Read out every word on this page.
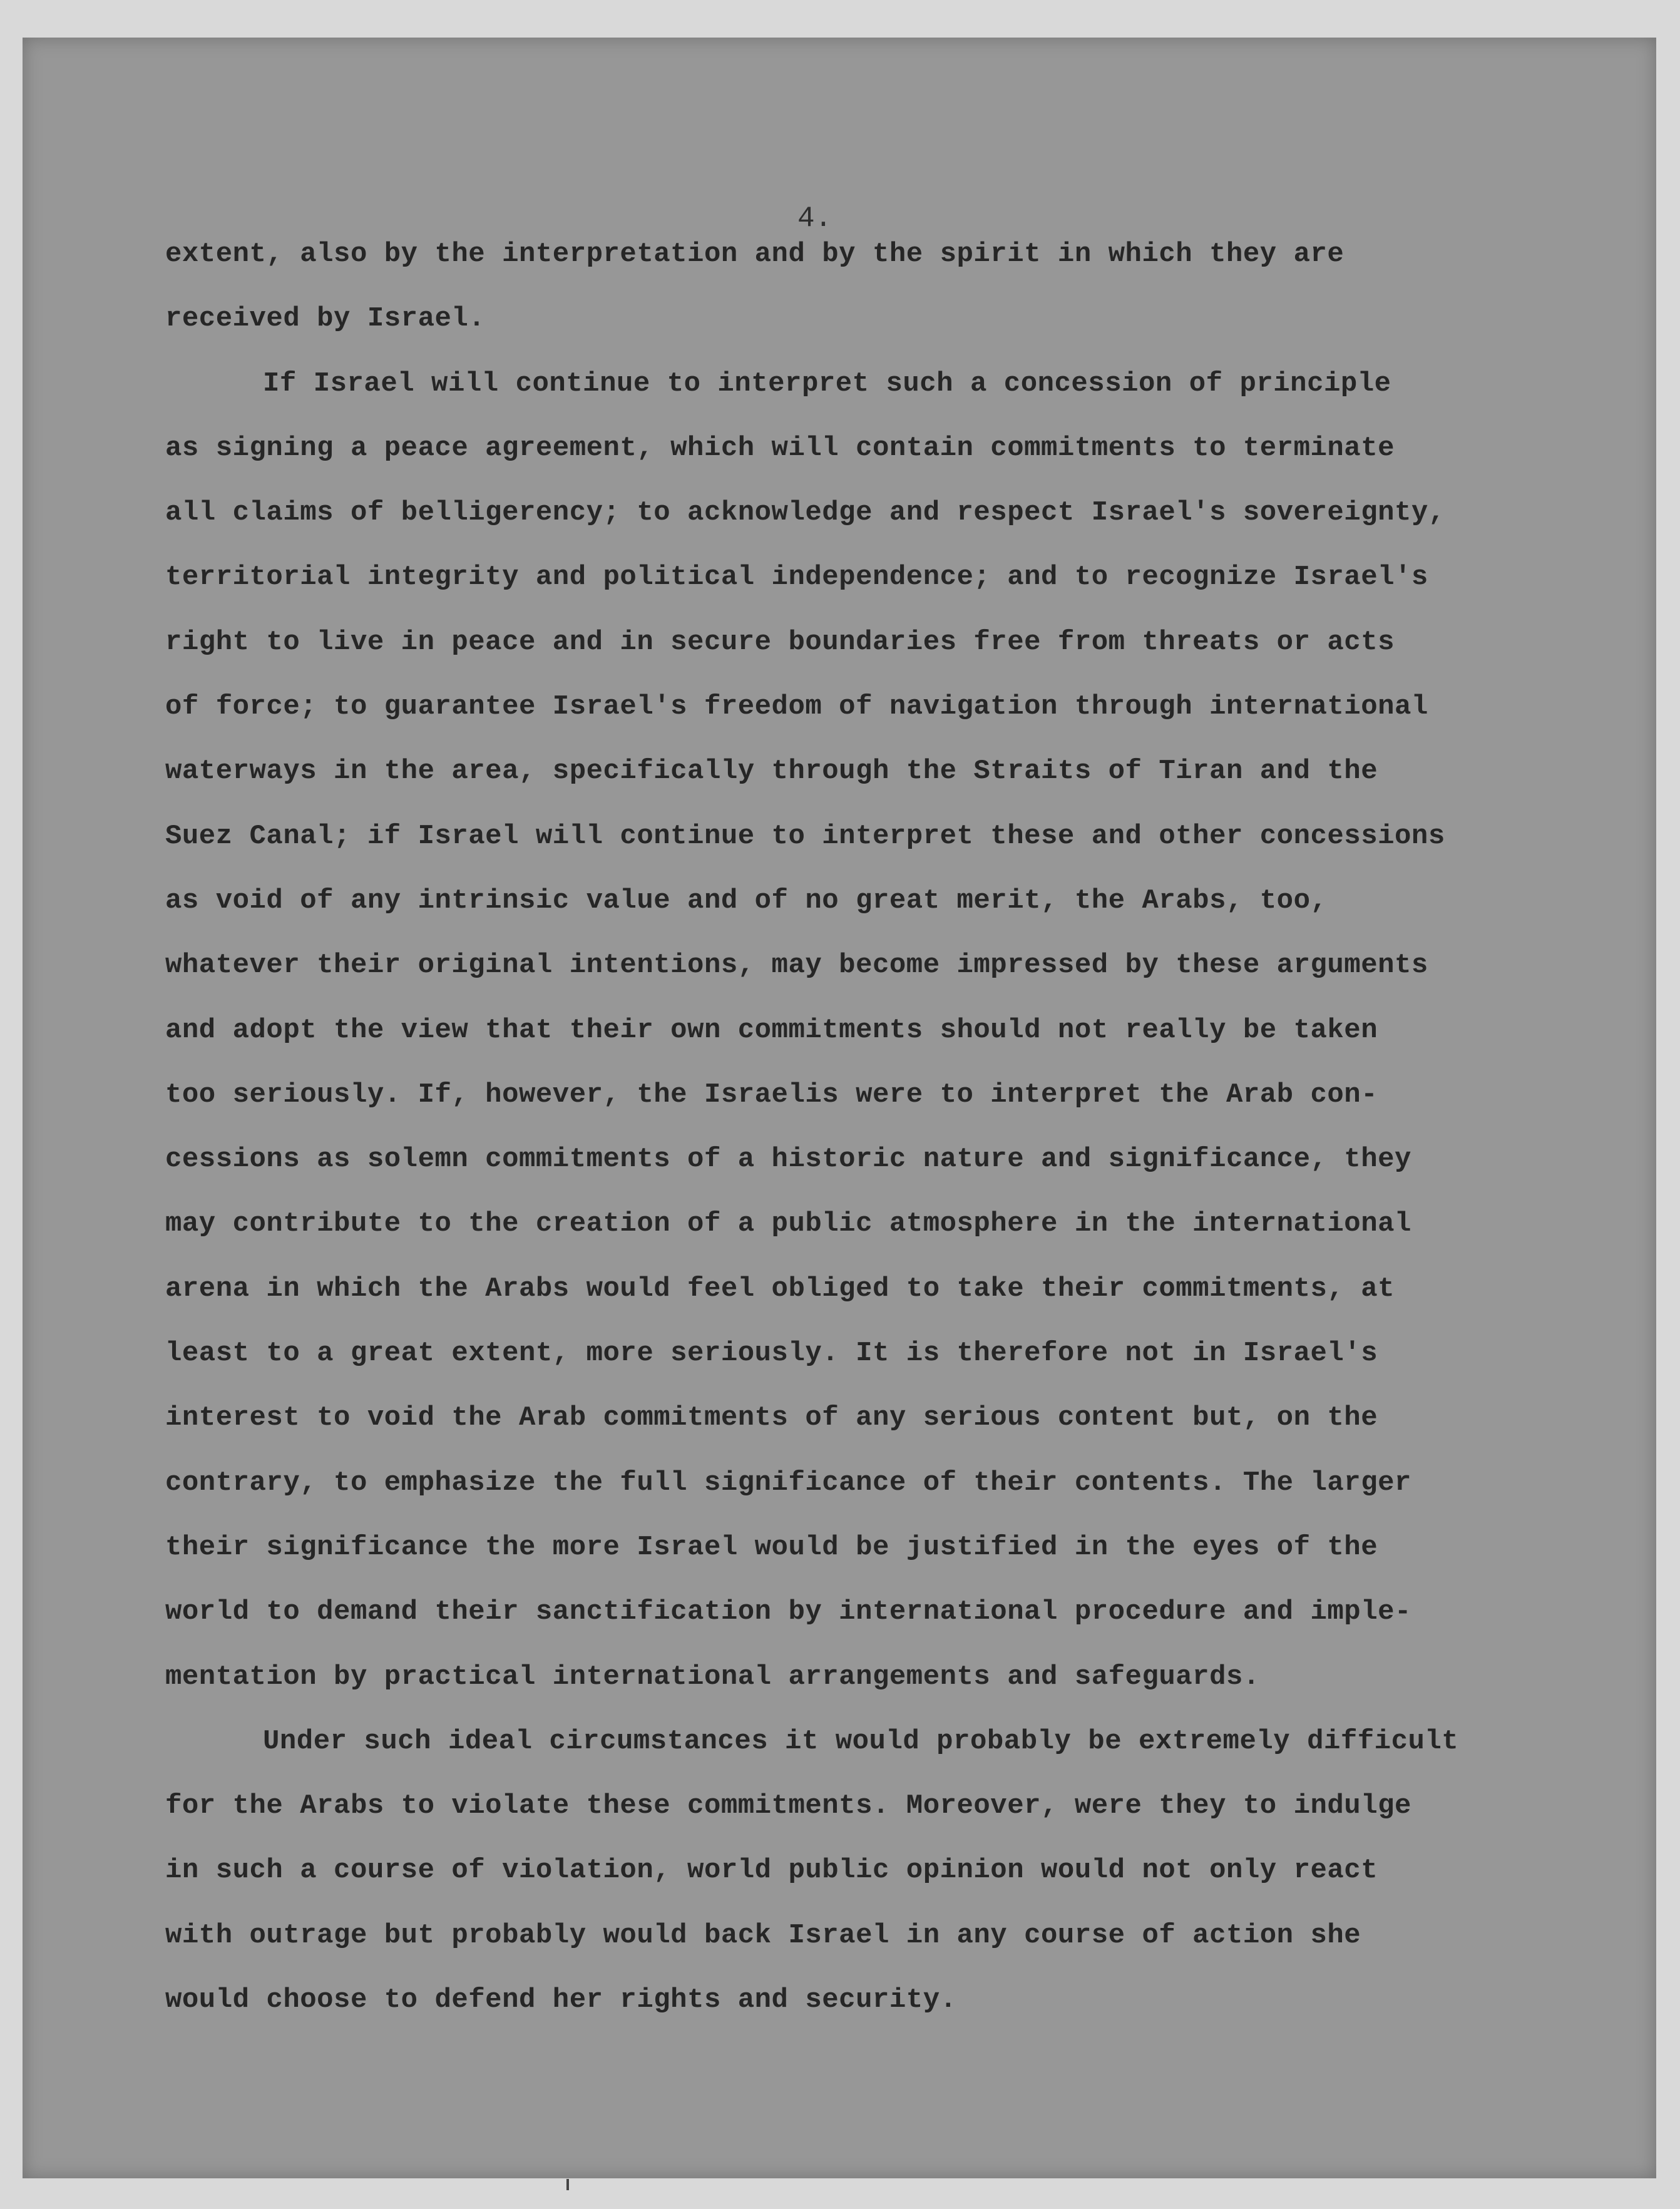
4.
extent, also by the interpretation and by the spirit in which they are
received by Israel.
If Israel will continue to interpret such a concession of principle
as signing a peace agreement, which will contain commitments to terminate
all claims of belligerency; to acknowledge and respect Israel's sovereignty,
territorial integrity and political independence; and to recognize Israel's
right to live in peace and in secure boundaries free from threats or acts
of force; to guarantee Israel's freedom of navigation through international
waterways in the area, specifically through the Straits of Tiran and the
Suez Canal; if Israel will continue to interpret these and other concessions
as void of any intrinsic value and of no great merit, the Arabs, too,
whatever their original intentions, may become impressed by these arguments
and adopt the view that their own commitments should not really be taken
too seriously. If, however, the Israelis were to interpret the Arab con-
cessions as solemn commitments of a historic nature and significance, they
may contribute to the creation of a public atmosphere in the international
arena in which the Arabs would feel obliged to take their commitments, at
least to a great extent, more seriously. It is therefore not in Israel's
interest to void the Arab commitments of any serious content but, on the
contrary, to emphasize the full significance of their contents. The larger
their significance the more Israel would be justified in the eyes of the
world to demand their sanctification by international procedure and imple-
mentation by practical international arrangements and safeguards.
Under such ideal circumstances it would probably be extremely difficult
for the Arabs to violate these commitments. Moreover, were they to indulge
in such a course of violation, world public opinion would not only react
with outrage but probably would back Israel in any course of action she
would choose to defend her rights and security.
